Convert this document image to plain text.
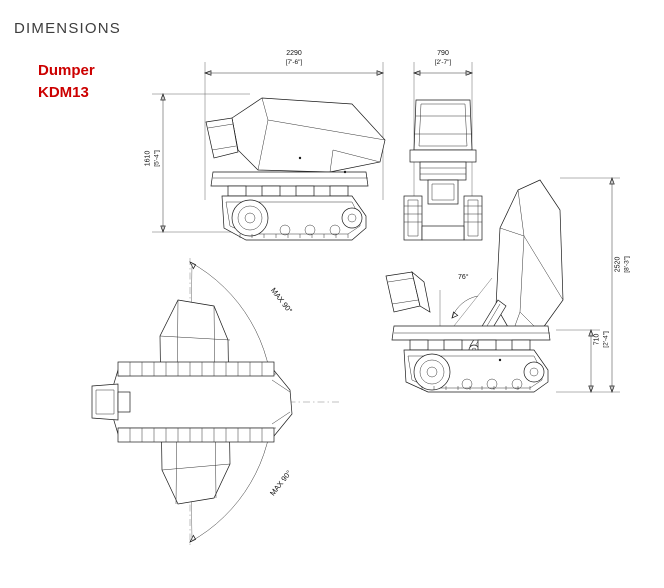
DIMENSIONS
Dumper
KDM13
2290
[7'-6"]
1610 [5'-4"]
790
[2'-7"]
2520 [8'-3"]
710 [2'-4"]
76°
MAX 90°
MAX 90°
